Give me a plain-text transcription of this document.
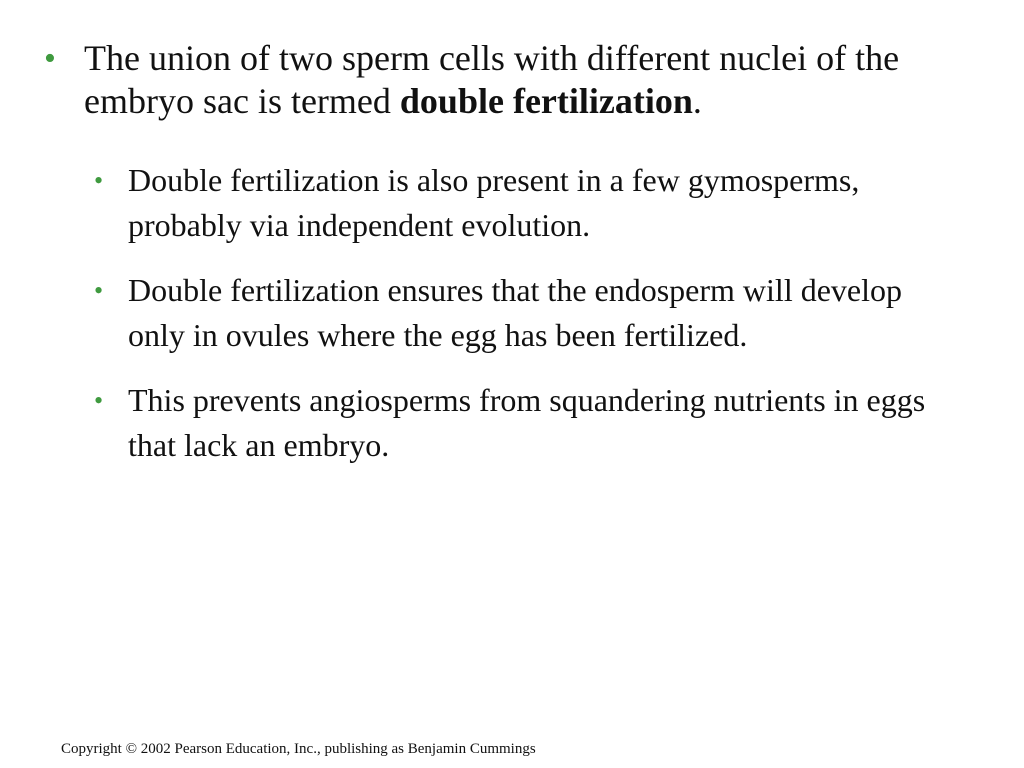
• The union of two sperm cells with different nuclei of the embryo sac is termed double fertilization.
• Double fertilization is also present in a few gymosperms, probably via independent evolution.
• Double fertilization ensures that the endosperm will develop only in ovules where the egg has been fertilized.
• This prevents angiosperms from squandering nutrients in eggs that lack an embryo.
Copyright © 2002 Pearson Education, Inc., publishing as Benjamin Cummings
